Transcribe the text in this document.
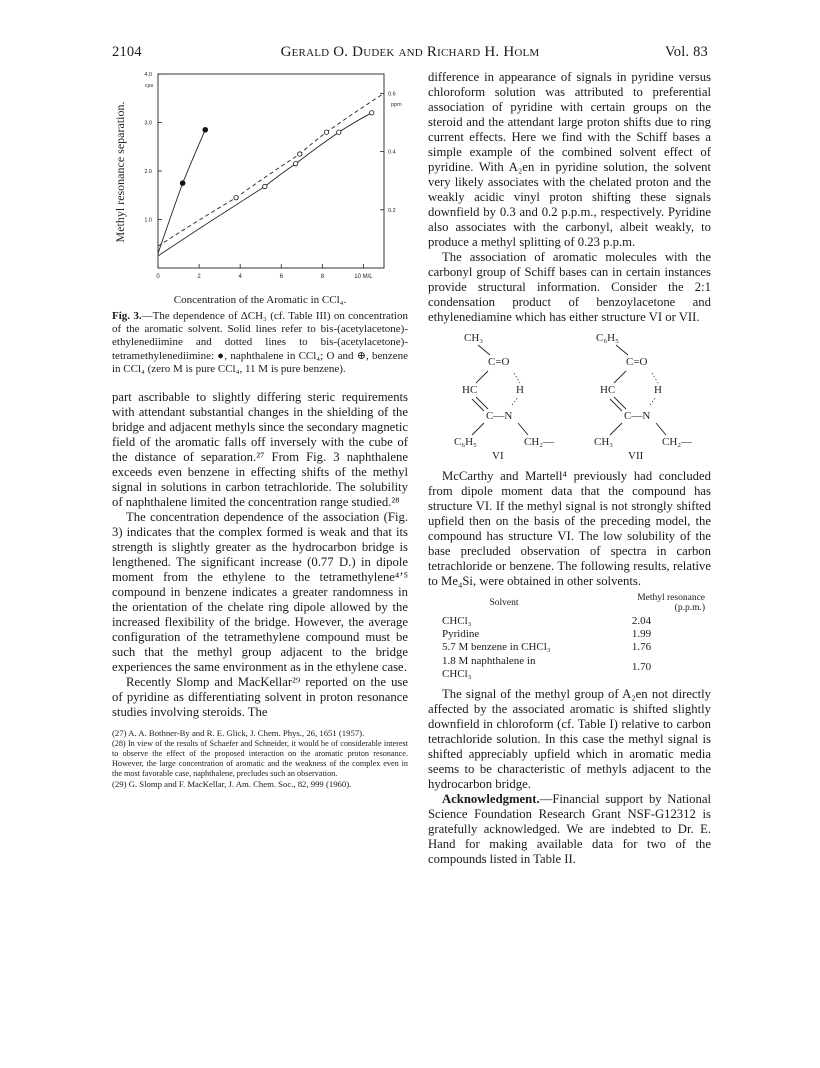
2104	Gerald O. Dudek and Richard H. Holm	Vol. 83
Methyl resonance separation.
cps
ppm
0	2	4	6	8	10 M/L
1.0
2.0
3.0
4.0
0.2
0.4
0.6
Concentration of the Aromatic in CCl₄.

Fig. 3.—The dependence of ΔCH₃ (cf. Table III) on concentration of the aromatic solvent. Solid lines refer to bis-(acetylacetone)-ethylenediimine and dotted lines to bis-(acetylacetone)-tetramethylenediimine: ●, naphthalene in CCl₄; O and ⊕, benzene in CCl₄ (zero M is pure CCl₄, 11 M is pure benzene).

part ascribable to slightly differing steric requirements with attendant substantial changes in the shielding of the bridge and adjacent methyls since the secondary magnetic field of the aromatic falls off inversely with the cube of the distance of separation.²⁷ From Fig. 3 naphthalene exceeds even benzene in effecting shifts of the methyl signal in solutions in carbon tetrachloride. The solubility of naphthalene limited the concentration range studied.²⁸

The concentration dependence of the association (Fig. 3) indicates that the complex formed is weak and that its strength is slightly greater as the hydrocarbon bridge is lengthened. The significant increase (0.77 D.) in dipole moment from the ethylene to the tetramethylene⁴ʼ⁵ compound in benzene indicates a greater randomness in the orientation of the chelate ring dipole allowed by the increased flexibility of the bridge. However, the average configuration of the tetramethylene compound must be such that the methyl group adjacent to the bridge experiences the same environment as in the ethylene case.

Recently Slomp and MacKellar²⁹ reported on the use of pyridine as differentiating solvent in proton resonance studies involving steroids. The

(27) A. A. Bothner-By and R. E. Glick, J. Chem. Phys., 26, 1651 (1957).

(28) In view of the results of Schaefer and Schneider, it would be of considerable interest to observe the effect of the proposed interaction on the aromatic proton resonance. However, the large concentration of aromatic and the weakness of the complex even in the most favorable case, naphthalene, precludes such an observation.

(29) G. Slomp and F. MacKellar, J. Am. Chem. Soc., 82, 999 (1960).

difference in appearance of signals in pyridine versus chloroform solution was attributed to preferential association of pyridine with certain groups on the steroid and the attendant large proton shifts due to ring current effects. Here we find with the Schiff bases a simple example of the combined solvent effect of pyridine. With A₂en in pyridine solution, the solvent very likely associates with the chelated proton and the weakly acidic vinyl proton shifting these signals downfield by 0.3 and 0.2 p.p.m., respectively. Pyridine also associates with the carbonyl, albeit weakly, to produce a methyl splitting of 0.23 p.p.m.

The association of aromatic molecules with the carbonyl group of Schiff bases can in certain instances provide structural information. Consider the 2:1 condensation product of benzoylacetone and ethylenediamine which has either structure VI or VII.

CH₃
C=O
HC	H
C—N
C₆H₅	CH₂—
VI
C₆H₅
C=O
HC	H
C—N
CH₃	CH₂—
VII

McCarthy and Martell⁴ previously had concluded from dipole moment data that the compound has structure VI. If the methyl signal is not strongly shifted upfield then on the basis of the preceding model, the compound has structure VI. The low solubility of the base precluded observation of spectra in carbon tetrachloride or benzene. The following results, relative to Me₄Si, were obtained in other solvents.

Solvent	Methyl resonance (p.p.m.)
CHCl₃	2.04
Pyridine	1.99
5.7 M benzene in CHCl₃	1.76
1.8 M naphthalene in CHCl₃	1.70

The signal of the methyl group of A₂en not directly affected by the associated aromatic is shifted slightly downfield in chloroform (cf. Table I) relative to carbon tetrachloride solution. In this case the methyl signal is shifted appreciably upfield which in aromatic media seems to be characteristic of methyls adjacent to the hydrocarbon bridge.

Acknowledgment.—Financial support by National Science Foundation Research Grant NSF-G12312 is gratefully acknowledged. We are indebted to Dr. E. Hand for making available data for two of the compounds listed in Table II.
